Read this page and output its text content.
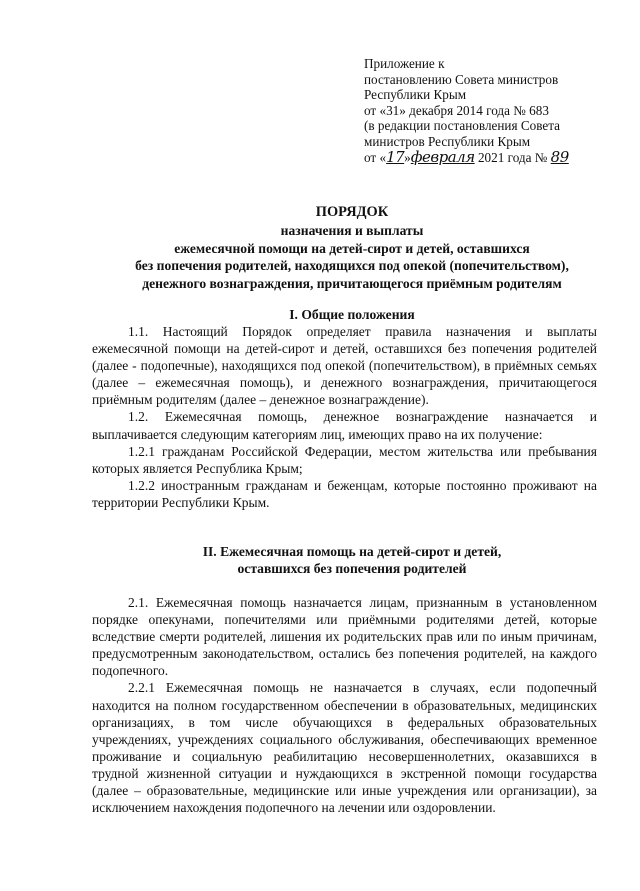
Приложение к
постановлению Совета министров
Республики Крым
от «31» декабря 2014 года № 683
(в редакции постановления Совета
министров Республики Крым
от «17»февраля 2021 года № 89
ПОРЯДОК
назначения и выплаты
ежемесячной помощи на детей-сирот и детей, оставшихся
без попечения родителей, находящихся под опекой (попечительством),
денежного вознаграждения, причитающегося приёмным родителям
I. Общие положения

1.1. Настоящий Порядок определяет правила назначения и выплаты ежемесячной помощи на детей-сирот и детей, оставшихся без попечения родителей (далее - подопечные), находящихся под опекой (попечительством), в приёмных семьях (далее – ежемесячная помощь), и денежного вознаграждения, причитающегося приёмным родителям (далее – денежное вознаграждение).

1.2. Ежемесячная помощь, денежное вознаграждение назначается и выплачивается следующим категориям лиц, имеющих право на их получение:

1.2.1 гражданам Российской Федерации, местом жительства или пребывания которых является Республика Крым;

1.2.2 иностранным гражданам и беженцам, которые постоянно проживают на территории Республики Крым.

II. Ежемесячная помощь на детей-сирот и детей,
оставшихся без попечения родителей

2.1. Ежемесячная помощь назначается лицам, признанным в установленном порядке опекунами, попечителями или приёмными родителями детей, которые вследствие смерти родителей, лишения их родительских прав или по иным причинам, предусмотренным законодательством, остались без попечения родителей, на каждого подопечного.

2.2.1 Ежемесячная помощь не назначается в случаях, если подопечный находится на полном государственном обеспечении в образовательных, медицинских организациях, в том числе обучающихся в федеральных образовательных учреждениях, учреждениях социального обслуживания, обеспечивающих временное проживание и социальную реабилитацию несовершеннолетних, оказавшихся в трудной жизненной ситуации и нуждающихся в экстренной помощи государства (далее – образовательные, медицинские или иные учреждения или организации), за исключением нахождения подопечного на лечении или оздоровлении.
